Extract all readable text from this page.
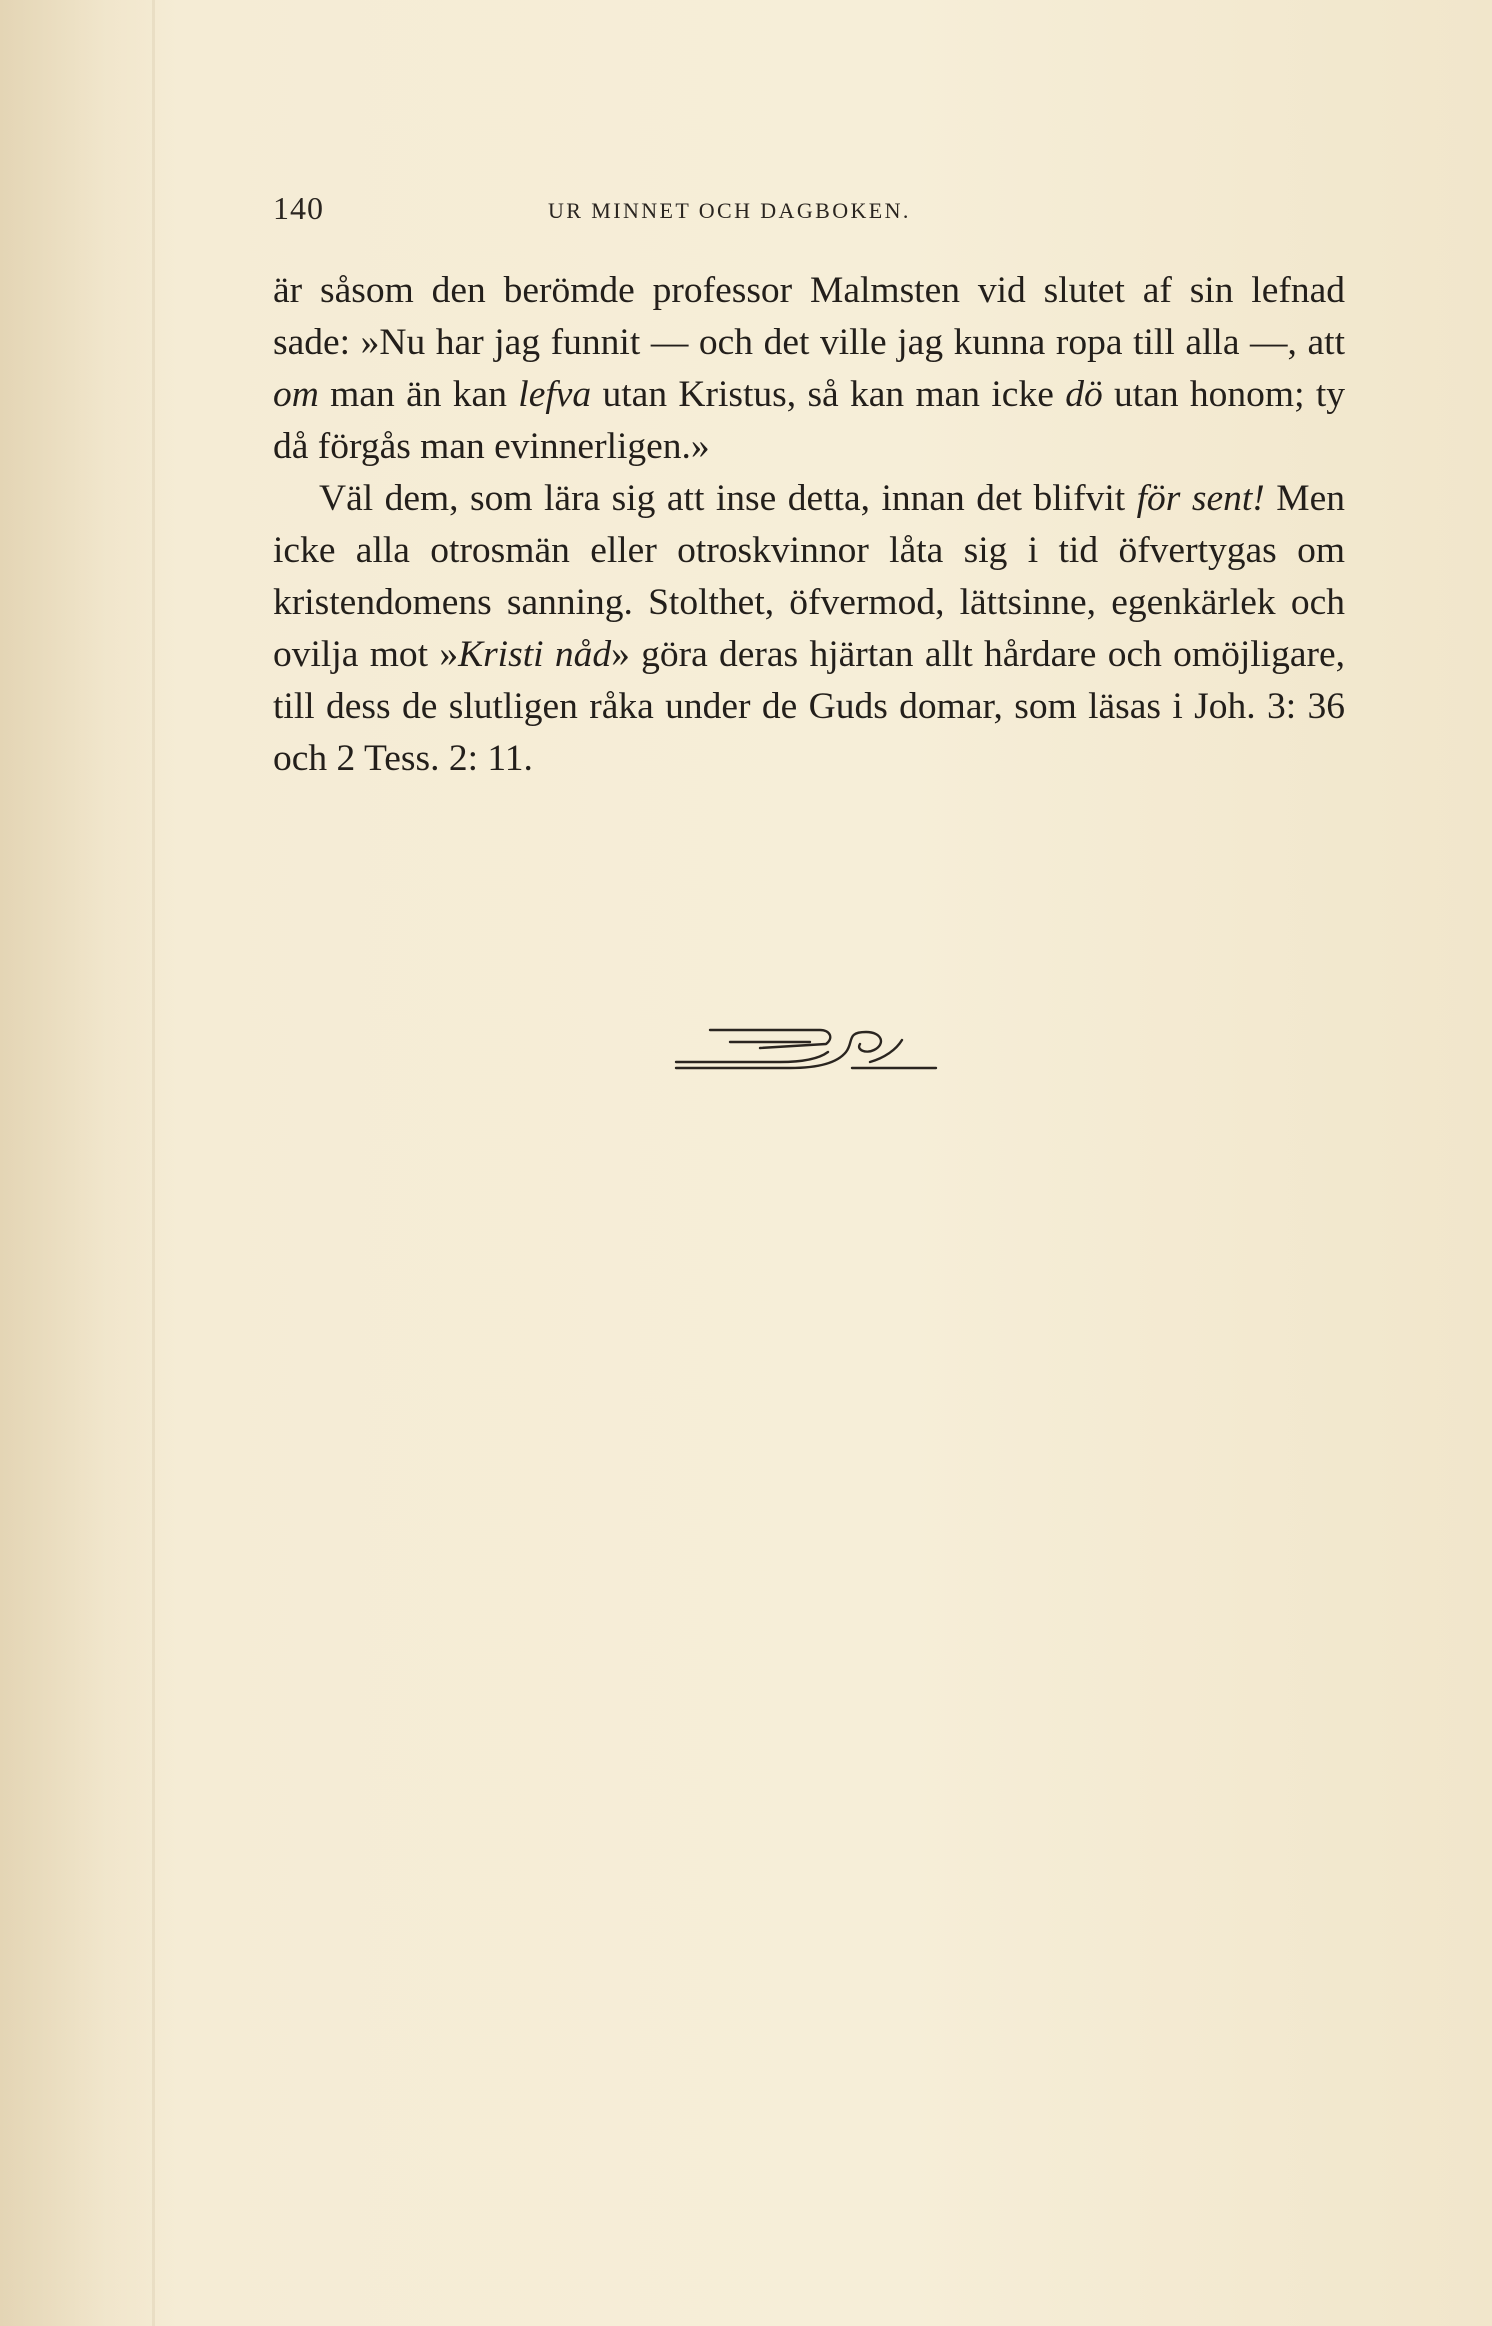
140	UR MINNET OCH DAGBOKEN.

är såsom den berömde professor Malmsten vid slutet af sin lefnad sade: »Nu har jag funnit — och det ville jag kunna ropa till alla —, att om man än kan lefva utan Kristus, så kan man icke dö utan honom; ty då förgås man evinnerligen.»

Väl dem, som lära sig att inse detta, innan det blifvit för sent! Men icke alla otrosmän eller otroskvinnor låta sig i tid öfvertygas om kristendomens sanning. Stolthet, öfvermod, lättsinne, egenkärlek och ovilja mot »Kristi nåd» göra deras hjärtan allt hårdare och omöjligare, till dess de slutligen råka under de Guds domar, som läsas i Joh. 3: 36 och 2 Tess. 2: 11.
